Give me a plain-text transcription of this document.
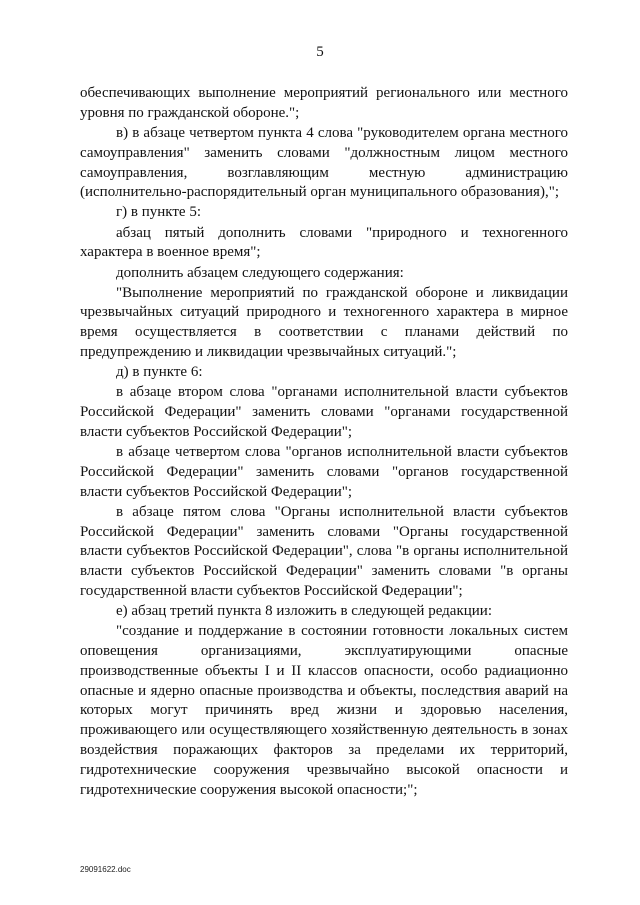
5

обеспечивающих выполнение мероприятий регионального или местного уровня по гражданской обороне.";

в) в абзаце четвертом пункта 4 слова "руководителем органа местного самоуправления" заменить словами "должностным лицом местного самоуправления, возглавляющим местную администрацию (исполнительно-распорядительный орган муниципального образования),";

г) в пункте 5:

абзац пятый дополнить словами "природного и техногенного характера в военное время";

дополнить абзацем следующего содержания:

"Выполнение мероприятий по гражданской обороне и ликвидации чрезвычайных ситуаций природного и техногенного характера в мирное время осуществляется в соответствии с планами действий по предупреждению и ликвидации чрезвычайных ситуаций.";

д) в пункте 6:

в абзаце втором слова "органами исполнительной власти субъектов Российской Федерации" заменить словами "органами государственной власти субъектов Российской Федерации";

в абзаце четвертом слова "органов исполнительной власти субъектов Российской Федерации" заменить словами "органов государственной власти субъектов Российской Федерации";

в абзаце пятом слова "Органы исполнительной власти субъектов Российской Федерации" заменить словами "Органы государственной власти субъектов Российской Федерации", слова "в органы исполнительной власти субъектов Российской Федерации" заменить словами "в органы государственной власти субъектов Российской Федерации";

е) абзац третий пункта 8 изложить в следующей редакции:

"создание и поддержание в состоянии готовности локальных систем оповещения организациями, эксплуатирующими опасные производственные объекты I и II классов опасности, особо радиационно опасные и ядерно опасные производства и объекты, последствия аварий на которых могут причинять вред жизни и здоровью населения, проживающего или осуществляющего хозяйственную деятельность в зонах воздействия поражающих факторов за пределами их территорий, гидротехнические сооружения чрезвычайно высокой опасности и гидротехнические сооружения высокой опасности;";

29091622.doc
